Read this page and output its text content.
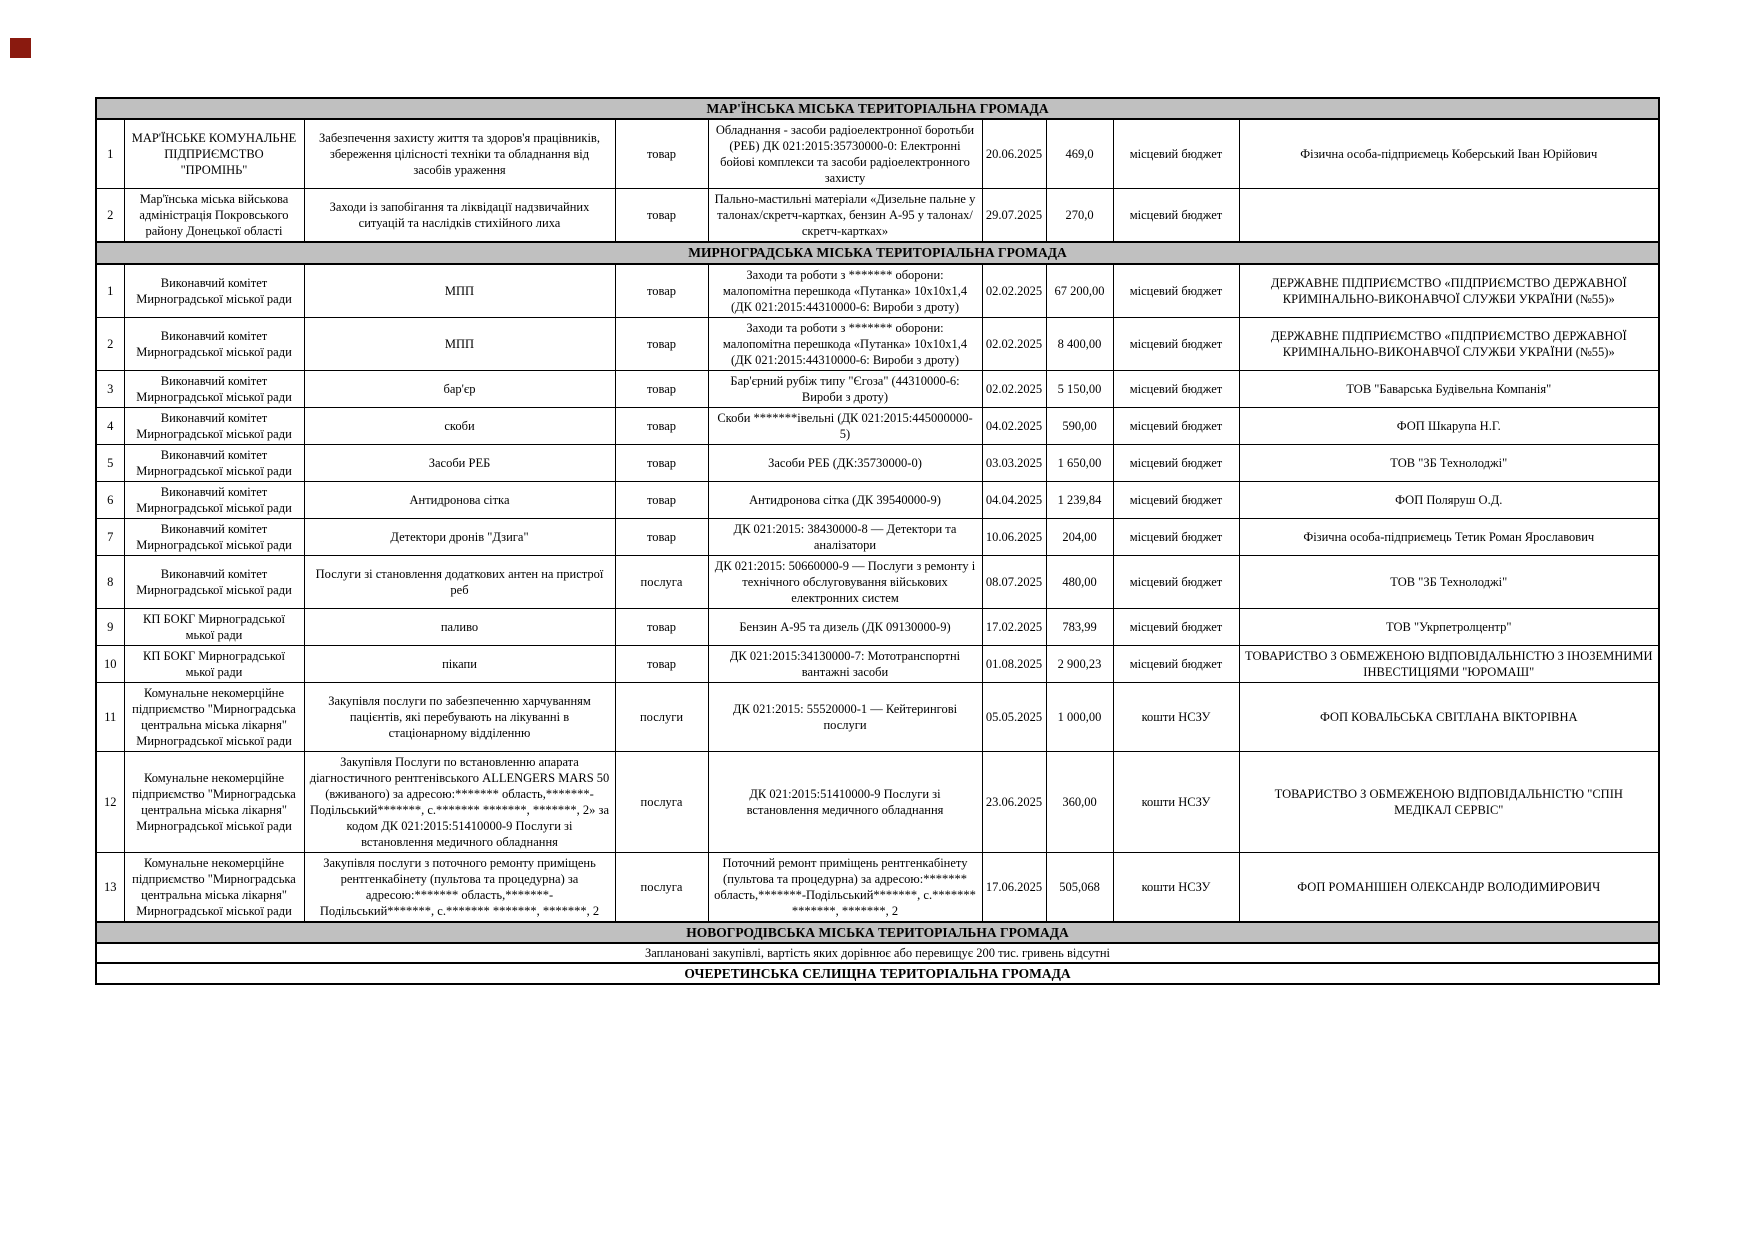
МАР'ЇНСЬКА МІСЬКА ТЕРИТОРІАЛЬНА ГРОМАДА								
1	МАР'ЇНСЬКЕ КОМУНАЛЬНЕ ПІДПРИЄМСТВО "ПРОМІНЬ"	Забезпечення захисту життя та здоров'я працівників, збереження цілісності техніки та обладнання від засобів ураження	товар	Обладнання - засоби радіоелектронної боротьби (РЕБ) ДК 021:2015:35730000-0: Електронні бойові комплекси та засоби радіоелектронного захисту	20.06.2025	469,0	місцевий бюджет	Фізична особа-підприємець Коберський Іван Юрійович
2	Мар'їнська міська військова адміністрація Покровського району Донецької області	Заходи із запобігання та ліквідації надзвичайних ситуацій та наслідків стихійного лиха	товар	Пально-мастильні матеріали «Дизельне пальне у талонах/скретч-картках, бензин А-95 у талонах/скретч-картках»	29.07.2025	270,0	місцевий бюджет	
МИРНОГРАДСЬКА МІСЬКА ТЕРИТОРІАЛЬНА ГРОМАДА								
1	Виконавчий комітет Мирноградської міської ради	МПП	товар	Заходи та роботи з ******* оборони: малопомітна перешкода «Путанка» 10х10х1,4 (ДК 021:2015:44310000-6: Вироби з дроту)	02.02.2025	67 200,00	місцевий бюджет	ДЕРЖАВНЕ ПІДПРИЄМСТВО «ПІДПРИЄМСТВО ДЕРЖАВНОЇ КРИМІНАЛЬНО-ВИКОНАВЧОЇ СЛУЖБИ УКРАЇНИ (№55)»
2	Виконавчий комітет Мирноградської міської ради	МПП	товар	Заходи та роботи з ******* оборони: малопомітна перешкода «Путанка» 10х10х1,4 (ДК 021:2015:44310000-6: Вироби з дроту)	02.02.2025	8 400,00	місцевий бюджет	ДЕРЖАВНЕ ПІДПРИЄМСТВО «ПІДПРИЄМСТВО ДЕРЖАВНОЇ КРИМІНАЛЬНО-ВИКОНАВЧОЇ СЛУЖБИ УКРАЇНИ (№55)»
3	Виконавчий комітет Мирноградської міської ради	бар'єр	товар	Бар'єрний рубіж типу "Єгоза" (44310000-6: Вироби з дроту)	02.02.2025	5 150,00	місцевий бюджет	ТОВ "Баварська Будівельна Компанія"
4	Виконавчий комітет Мирноградської міської ради	скоби	товар	Скоби *******івельні (ДК 021:2015:445000000-5)	04.02.2025	590,00	місцевий бюджет	ФОП Шкарупа Н.Г.
5	Виконавчий комітет Мирноградської міської ради	Засоби РЕБ	товар	Засоби РЕБ (ДК:35730000-0)	03.03.2025	1 650,00	місцевий бюджет	ТОВ "ЗБ Технолоджі"
6	Виконавчий комітет Мирноградської міської ради	Антидронова сітка	товар	Антидронова сітка (ДК 39540000-9)	04.04.2025	1 239,84	місцевий бюджет	ФОП Поляруш О.Д.
7	Виконавчий комітет Мирноградської міської ради	Детектори дронів "Дзига"	товар	ДК 021:2015: 38430000-8 — Детектори та аналізатори	10.06.2025	204,00	місцевий бюджет	Фізична особа-підприємець Тетик Роман Ярославович
8	Виконавчий комітет Мирноградської міської ради	Послуги зі становлення додаткових антен на пристрої реб	послуга	ДК 021:2015: 50660000-9 — Послуги з ремонту і технічного обслуговування військових електронних систем	08.07.2025	480,00	місцевий бюджет	ТОВ "ЗБ Технолоджі"
9	КП БОКГ Мирноградської мької ради	паливо	товар	Бензин А-95 та дизель (ДК 09130000-9)	17.02.2025	783,99	місцевий бюджет	ТОВ "Укрпетролцентр"
10	КП БОКГ Мирноградської мької ради	пікапи	товар	ДК 021:2015:34130000-7: Мототранспортні вантажні засоби	01.08.2025	2 900,23	місцевий бюджет	ТОВАРИСТВО З ОБМЕЖЕНОЮ ВІДПОВІДАЛЬНІСТЮ З ІНОЗЕМНИМИ ІНВЕСТИЦІЯМИ "ЮРОМАШ"
11	Комунальне некомерційне підприємство "Мирноградська центральна міська лікарня" Мирноградської міської ради	Закупівля послуги по забезпеченню харчуванням пацієнтів, які перебувають на лікуванні в стаціонарному відділенню	послуги	ДК 021:2015: 55520000-1 — Кейтерингові послуги	05.05.2025	1 000,00	кошти НСЗУ	ФОП КОВАЛЬСЬКА СВІТЛАНА ВІКТОРІВНА
12	Комунальне некомерційне підприємство "Мирноградська центральна міська лікарня" Мирноградської міської ради	Закупівля Послуги по встановленню апарата діагностичного рентгенівського ALLENGERS MARS 50 (вживаного) за адресою:******* область,*******-Подільський*******, с.******* *******, *******, 2» за кодом ДК 021:2015:51410000-9 Послуги зі встановлення медичного обладнання	послуга	ДК 021:2015:51410000-9 Послуги зі встановлення медичного обладнання	23.06.2025	360,00	кошти НСЗУ	ТОВАРИСТВО З ОБМЕЖЕНОЮ ВІДПОВІДАЛЬНІСТЮ "СПІН МЕДІКАЛ СЕРВІС"
13	Комунальне некомерційне підприємство "Мирноградська центральна міська лікарня" Мирноградської міської ради	Закупівля послуги з поточного ремонту приміщень рентгенкабінету (пультова та процедурна) за адресою:******* область,*******-Подільський*******, с.******* *******, *******, 2	послуга	Поточний ремонт приміщень рентгенкабінету (пультова та процедурна) за адресою:******* область,*******-Подільський*******, с.******* *******, *******, 2	17.06.2025	505,068	кошти НСЗУ	ФОП РОМАНІШЕН ОЛЕКСАНДР ВОЛОДИМИРОВИЧ
НОВОГРОДІВСЬКА МІСЬКА ТЕРИТОРІАЛЬНА ГРОМАДА								
Заплановані закупівлі, вартість яких дорівнює або перевищує 200 тис. гривень відсутні								
ОЧЕРЕТИНСЬКА СЕЛИЩНА ТЕРИТОРІАЛЬНА ГРОМАДА								
